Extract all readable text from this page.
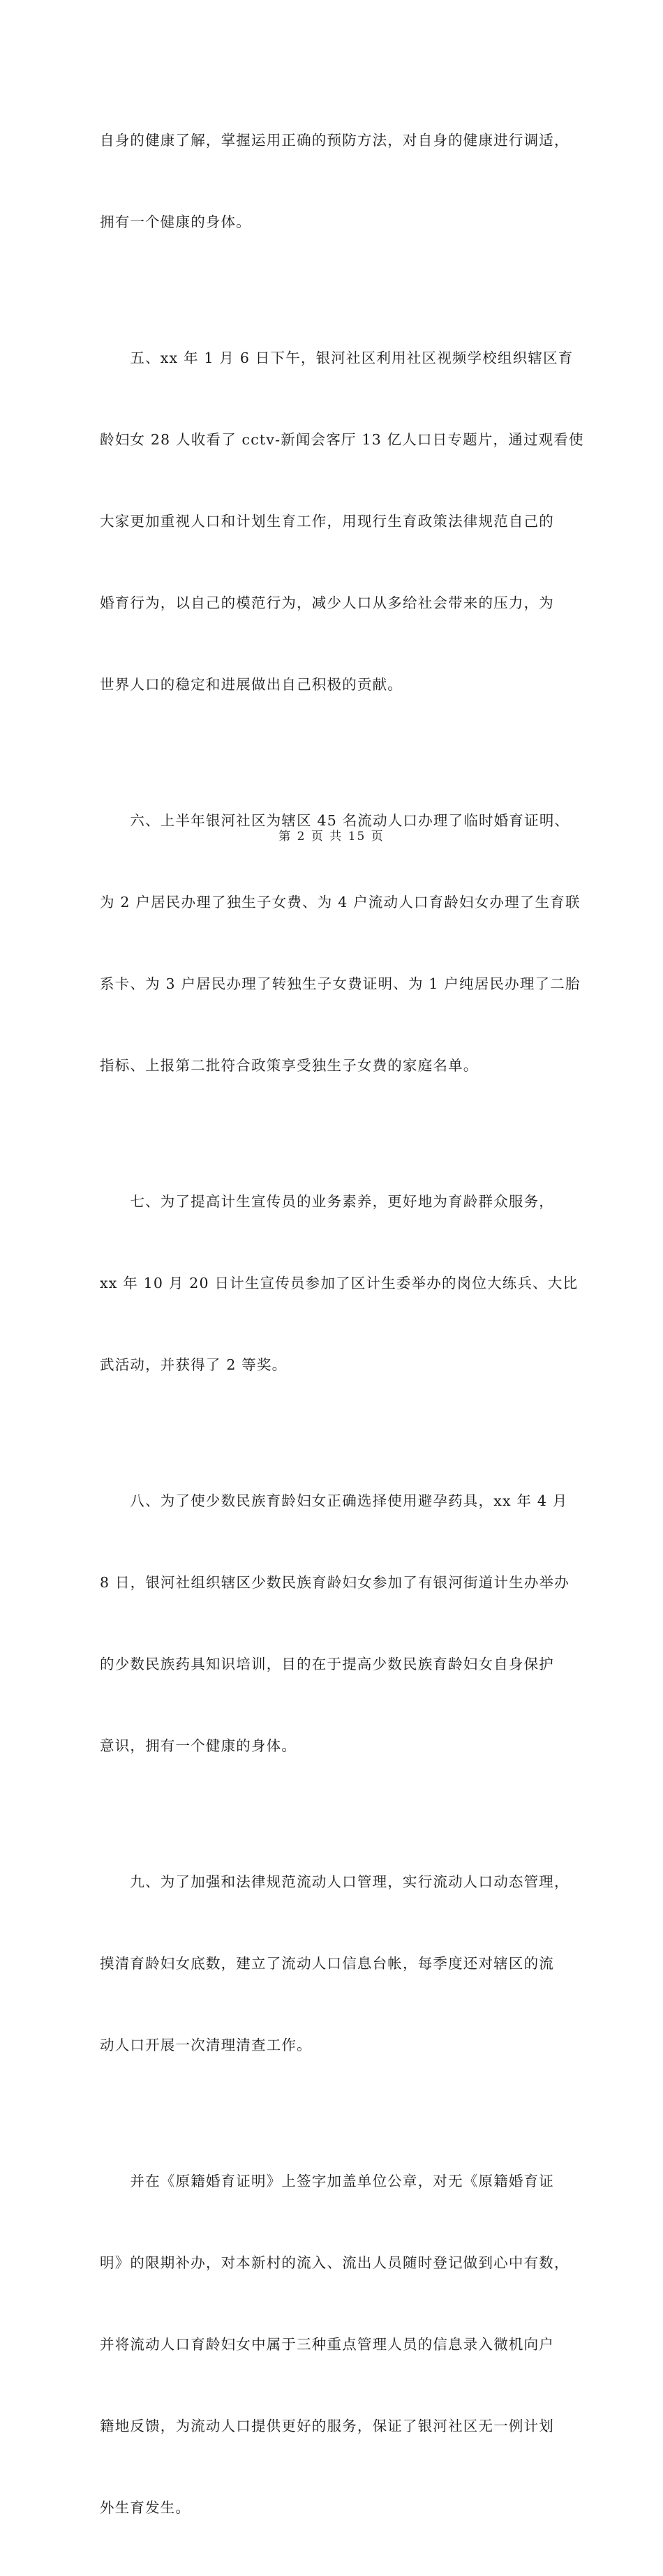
自身的健康了解，掌握运用正确的预防方法，对自身的健康进行调适，

拥有一个健康的身体。

　　五、xx 年 1 月 6 日下午，银河社区利用社区视频学校组织辖区育

龄妇女 28 人收看了 cctv-新闻会客厅 13 亿人口日专题片，通过观看使

大家更加重视人口和计划生育工作，用现行生育政策法律规范自己的

婚育行为，以自己的模范行为，减少人口从多给社会带来的压力，为

世界人口的稳定和进展做出自己积极的贡献。

　　六、上半年银河社区为辖区 45 名流动人口办理了临时婚育证明、

为 2 户居民办理了独生子女费、为 4 户流动人口育龄妇女办理了生育联

系卡、为 3 户居民办理了转独生子女费证明、为 1 户纯居民办理了二胎

指标、上报第二批符合政策享受独生子女费的家庭名单。

　　七、为了提高计生宣传员的业务素养，更好地为育龄群众服务，

xx 年 10 月 20 日计生宣传员参加了区计生委举办的岗位大练兵、大比

武活动，并获得了 2 等奖。

　　八、为了使少数民族育龄妇女正确选择使用避孕药具，xx 年 4 月

8 日，银河社组织辖区少数民族育龄妇女参加了有银河街道计生办举办

的少数民族药具知识培训，目的在于提高少数民族育龄妇女自身保护

意识，拥有一个健康的身体。

　　九、为了加强和法律规范流动人口管理，实行流动人口动态管理，

摸清育龄妇女底数，建立了流动人口信息台帐，每季度还对辖区的流

动人口开展一次清理清查工作。

　　并在《原籍婚育证明》上签字加盖单位公章，对无《原籍婚育证

明》的限期补办，对本新村的流入、流出人员随时登记做到心中有数，

并将流动人口育龄妇女中属于三种重点管理人员的信息录入微机向户

籍地反馈，为流动人口提供更好的服务，保证了银河社区无一例计划

外生育发生。

第 2 页 共 15 页
